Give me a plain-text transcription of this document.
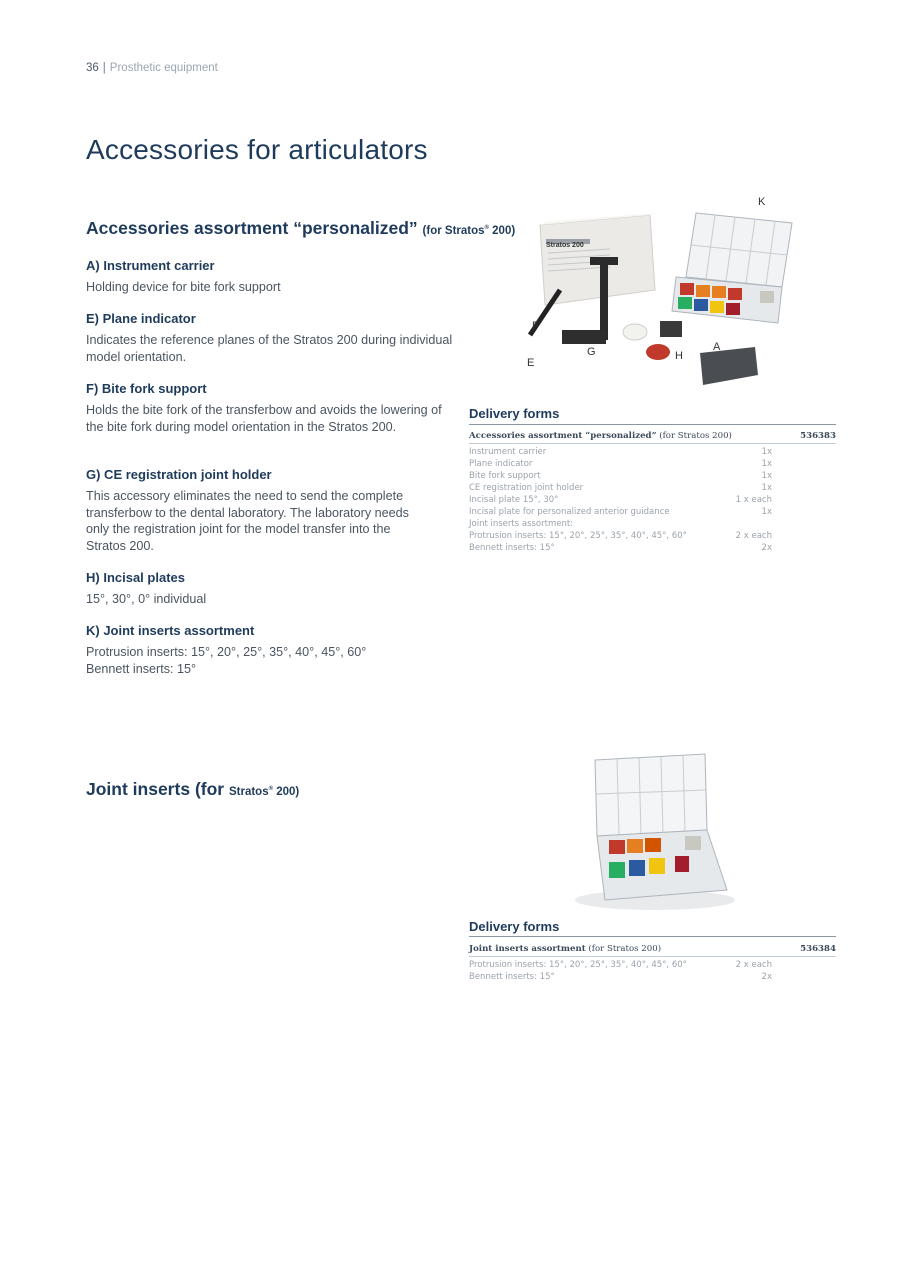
36 | Prosthetic equipment
Accessories for articulators
Accessories assortment “personalized” (for Stratos® 200)
A) Instrument carrier
Holding device for bite fork support
E) Plane indicator
Indicates the reference planes of the Stratos 200 during individual model orientation.
F) Bite fork support
Holds the bite fork of the transferbow and avoids the lowering of the bite fork during model orientation in the Stratos 200.
G) CE registration joint holder
This accessory eliminates the need to send the complete transferbow to the dental laboratory. The laboratory needs only the registration joint for the model transfer into the Stratos 200.
H) Incisal plates
15°, 30°, 0° individual
K) Joint inserts assortment
Protrusion inserts: 15°, 20°, 25°, 35°, 40°, 45°, 60°
Bennett inserts: 15°
K
F
E
G	H
A
Stratos 200
Delivery forms
Accessories assortment “personalized” (for Stratos 200)	536383
Instrument carrier	1x
Plane indicator	1x
Bite fork support	1x
CE registration joint holder	1x
Incisal plate 15°, 30°	1 x each
Incisal plate for personalized anterior guidance	1x
Joint inserts assortment:
Protrusion inserts: 15°, 20°, 25°, 35°, 40°, 45°, 60°	2 x each
Bennett inserts: 15°	2x
Joint inserts (for Stratos® 200)
Delivery forms
Joint inserts assortment (for Stratos 200)	536384
Protrusion inserts: 15°, 20°, 25°, 35°, 40°, 45°, 60°	2 x each
Bennett inserts: 15°	2x
